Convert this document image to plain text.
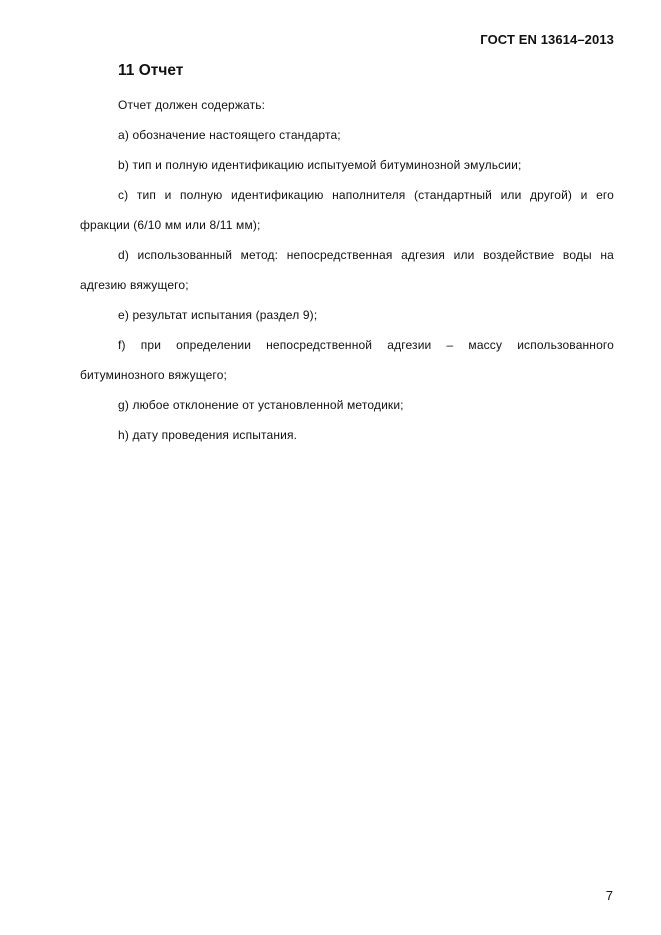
ГОСТ EN 13614–2013
11 Отчет

Отчет должен содержать:

a) обозначение настоящего стандарта;

b) тип и полную идентификацию испытуемой битуминозной эмульсии;

c) тип и полную идентификацию наполнителя (стандартный или другой) и его фракции (6/10 мм или 8/11 мм);

d) использованный метод: непосредственная адгезия или воздействие воды на адгезию вяжущего;

e) результат испытания (раздел 9);

f) при определении непосредственной адгезии – массу использованного битуминозного вяжущего;

g) любое отклонение от установленной методики;

h) дату проведения испытания.

7
